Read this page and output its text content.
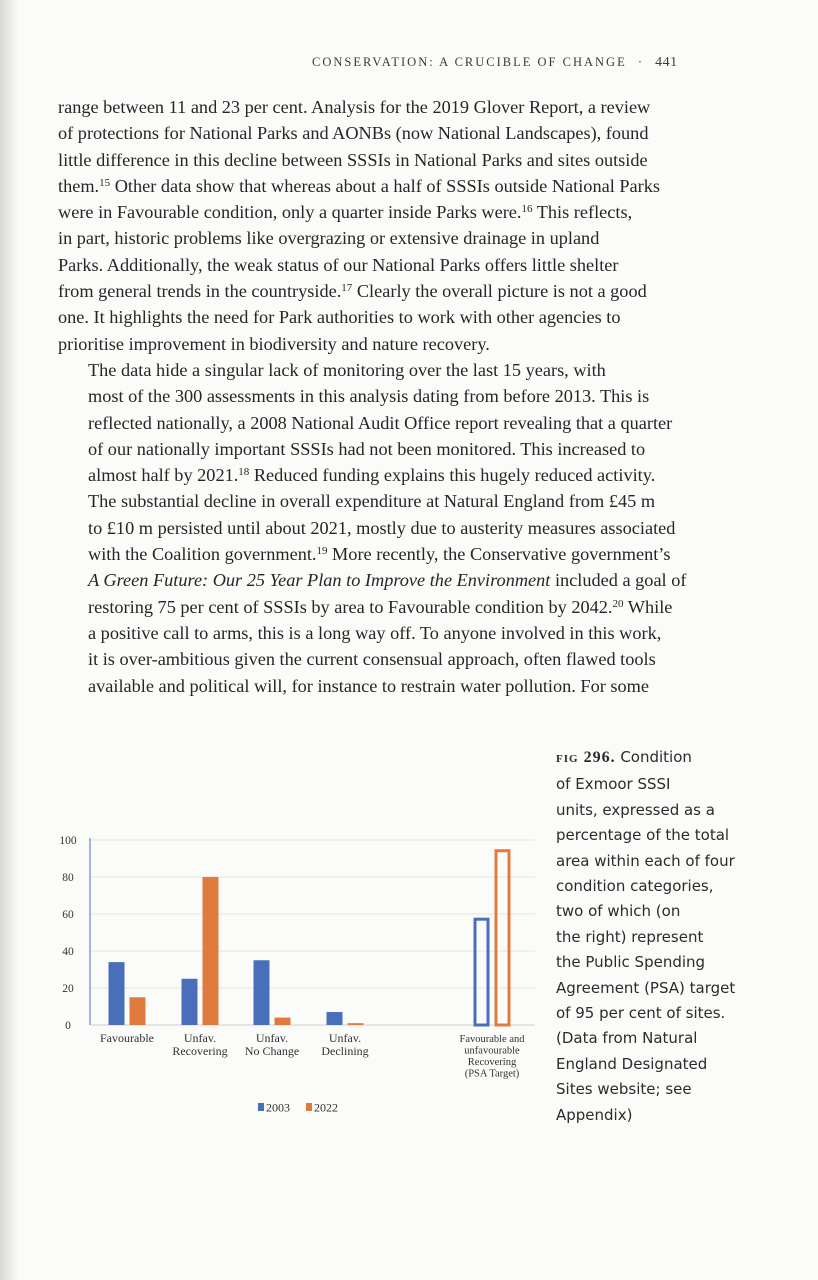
CONSERVATION: A CRUCIBLE OF CHANGE · 441

range between 11 and 23 per cent. Analysis for the 2019 Glover Report, a review
of protections for National Parks and AONBs (now National Landscapes), found
little difference in this decline between SSSIs in National Parks and sites outside
them.$^{15}$ Other data show that whereas about a half of SSSIs outside National Parks
were in Favourable condition, only a quarter inside Parks were.$^{16}$ This reflects,
in part, historic problems like overgrazing or extensive drainage in upland
Parks. Additionally, the weak status of our National Parks offers little shelter
from general trends in the countryside.$^{17}$ Clearly the overall picture is not a good
one. It highlights the need for Park authorities to work with other agencies to
prioritise improvement in biodiversity and nature recovery.

The data hide a singular lack of monitoring over the last 15 years, with
most of the 300 assessments in this analysis dating from before 2013. This is
reflected nationally, a 2008 National Audit Office report revealing that a quarter
of our nationally important SSSIs had not been monitored. This increased to
almost half by 2021.18 Reduced funding explains this hugely reduced activity.
The substantial decline in overall expenditure at Natural England from £45 m
to £10 m persisted until about 2021, mostly due to austerity measures associated
with the Coalition government.$^{19}$ More recently, the Conservative government’s
A Green Future: Our 25 Year Plan to Improve the Environment included a goal of
restoring 75 per cent of SSSIs by area to Favourable condition by 2042.20 While
a positive call to arms, this is a long way off. To anyone involved in this work,
it is over-ambitious given the current consensual approach, often flawed tools
available and political will, for instance to restrain water pollution. For some

0
20
40
60
80
100
Favourable Unfav.
Recovering
Unfav.
No Change
Unfav.
Declining
Favourable and
unfavourable
Recovering
(PSA Target)
2003 2022
FIG 296. Condition
of Exmoor SSSI
units, expressed as a
percentage of the total
area within each of four
condition categories,
two of which (on
the right) represent
the Public Spending
Agreement (PSA) target
of 95 per cent of sites.
(Data from Natural
England Designated
Sites website; see
Appendix)
